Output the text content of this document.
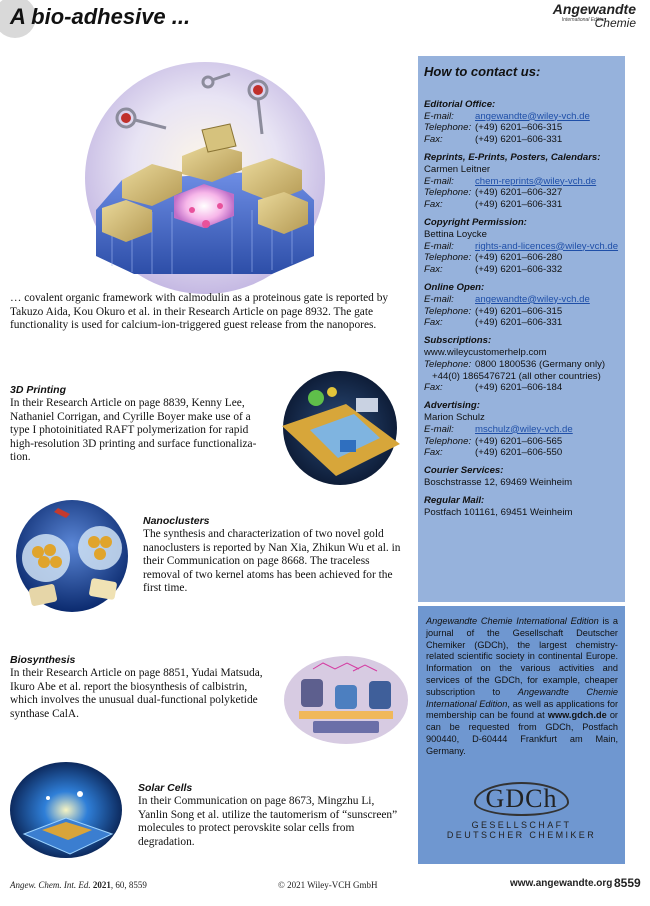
A bio-adhesive ...	Angewandte
International Edition
Chemie
… covalent organic framework with calmodulin as a proteinous gate is reported by Takuzo Aida, Kou Okuro et al. in their Research Article on page 8932. The gate functionality is used for calcium-ion-triggered guest release from the nanopores.
3D Printing
In their Research Article on page 8839, Kenny Lee, Nathaniel Corrigan, and Cyrille Boyer make use of a type I photoinitiated RAFT polymerization for rapid high-resolution 3D printing and surface functionaliza- tion.
Nanoclusters
The synthesis and characterization of two novel gold nanoclusters is reported by Nan Xia, Zhikun Wu et al. in their Communication on page 8668. The traceless removal of two kernel atoms has been achieved for the first time.
Biosynthesis
In their Research Article on page 8851, Yudai Matsuda, Ikuro Abe et al. report the biosynthesis of calbistrin, which involves the unusual dual-functional polyketide synthase CalA.
Solar Cells
In their Communication on page 8673, Mingzhu Li, Yanlin Song et al. utilize the tautomerism of “sunscreen” molecules to protect perovskite solar cells from degradation.
How to contact us:
Editorial Office:
E-mail: angewandte@wiley-vch.de
Telephone: (+49) 6201–606-315
Fax:	(+49) 6201–606-331
Reprints, E-Prints, Posters, Calendars:
Carmen Leitner
E-mail: chem-reprints@wiley-vch.de
Telephone: (+49) 6201–606-327
Fax:	(+49) 6201–606-331
Copyright Permission:
Bettina Loycke
E-mail: rights-and-licences@wiley-vch.de
Telephone: (+49) 6201–606-280
Fax:	(+49) 6201–606-332
Online Open:
E-mail: angewandte@wiley-vch.de
Telephone: (+49) 6201–606-315
Fax:	(+49) 6201–606-331
Subscriptions:
www.wileycustomerhelp.com
Telephone: 0800 1800536 (Germany only)
+44(0) 1865476721 (all other countries)
Fax:	(+49) 6201–606-184
Advertising:
Marion Schulz
E-mail: mschulz@wiley-vch.de
Telephone: (+49) 6201–606-565
Fax:	(+49) 6201–606-550
Courier Services:
Boschstrasse 12, 69469 Weinheim
Regular Mail:
Postfach 101161, 69451 Weinheim
Angewandte Chemie International Edition is a journal of the Gesellschaft Deutscher Chemiker (GDCh), the largest chemistry-related scientific society in continental Europe. Information on the various activities and services of the GDCh, for example, cheaper subscription to Angewandte Chemie International Edition, as well as applications for membership can be found at www.gdch.de or can be requested from GDCh, Postfach 900440, D-60444 Frankfurt am Main, Germany.
GDCh
GESELLSCHAFT
DEUTSCHER CHEMIKER
Angew. Chem. Int. Ed. 2021, 60, 8559	© 2021 Wiley-VCH GmbH	www.angewandte.org 8559
